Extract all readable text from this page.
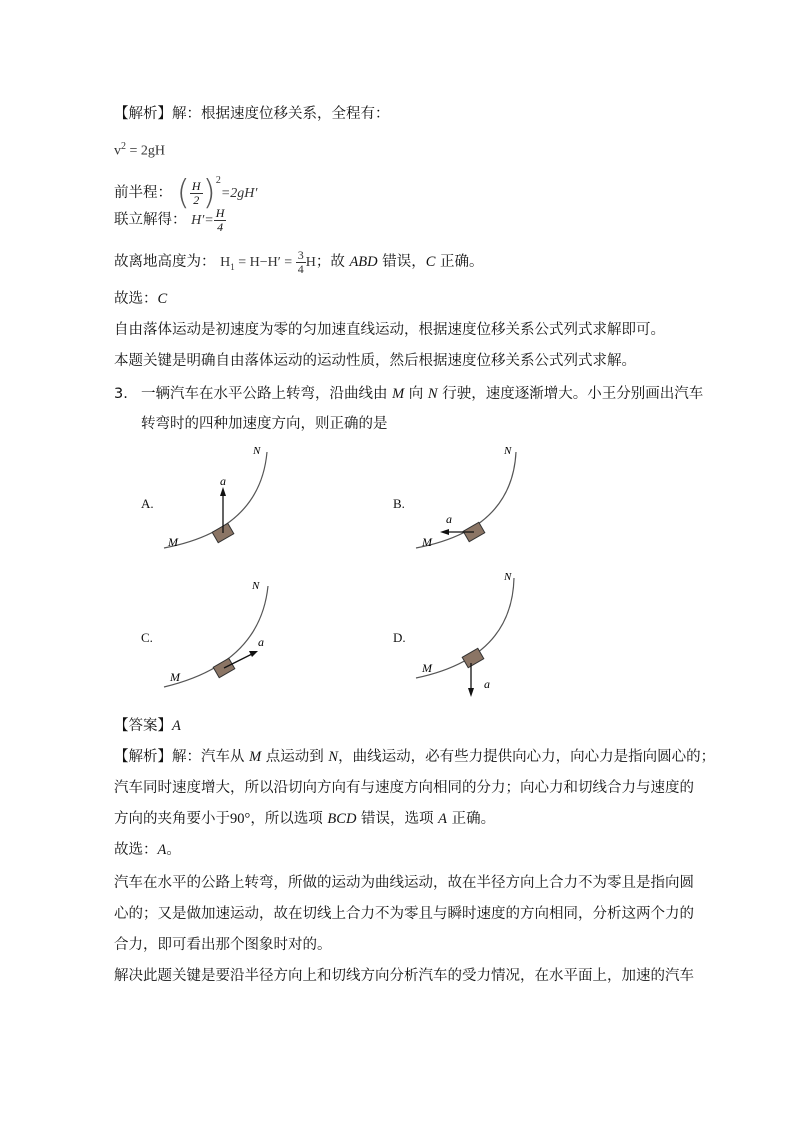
【解析】解：根据速度位移关系，全程有：
$v^2 = 2gH$
前半程： ( $\frac{H}{2} )^2=2gH'$
联立解得： $H'= \frac{H}{4}$
故离地高度为： $H_1 = H-H' = \frac{3}{4}$ H；故 ABD 错误，C 正确。
故选：C
自由落体运动是初速度为零的匀加速直线运动，根据速度位移关系公式列式求解即可。
本题关键是明确自由落体运动的运动性质，然后根据速度位移关系公式列式求解。
3. 一辆汽车在水平公路上转弯，沿曲线由 M 向 N 行驶，速度逐渐增大。小王分别画出汽车
转弯时的四种加速度方向，则正确的是
A.
a
M
N
B.
a
M
N
C.	a
M
N
D.
a
M
N
【答案】A
【解析】解：汽车从 M 点运动到 N，曲线运动，必有些力提供向心力，向心力是指向圆心的；
汽车同时速度增大，所以沿切向方向有与速度方向相同的分力；向心力和切线合力与速度的
方向的夹角要小于90°，所以选项 BCD 错误，选项 A 正确。
故选：A。
汽车在水平的公路上转弯，所做的运动为曲线运动，故在半径方向上合力不为零且是指向圆
心的；又是做加速运动，故在切线上合力不为零且与瞬时速度的方向相同，分析这两个力的
合力，即可看出那个图象时对的。
解决此题关键是要沿半径方向上和切线方向分析汽车的受力情况，在水平面上，加速的汽车
